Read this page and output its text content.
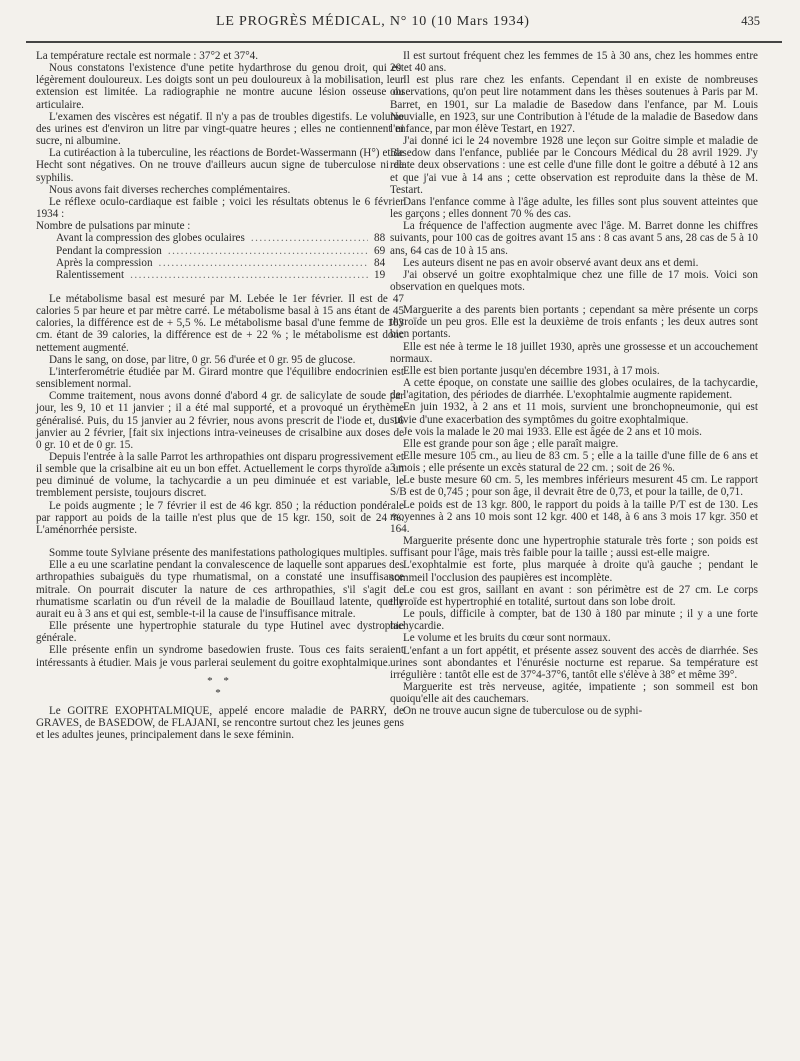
LE PROGRÈS MÉDICAL, N° 10 (10 Mars 1934)	435

La température rectale est normale : 37°2 et 37°4.

Nous constatons l'existence d'une petite hydarthrose du genou droit, qui est légèrement douloureux. Les doigts sont un peu douloureux à la mobilisation, leur extension est limitée. La radiographie ne montre aucune lésion osseuse ou articulaire.

L'examen des viscères est négatif. Il n'y a pas de troubles digestifs. Le volume des urines est d'environ un litre par vingt-quatre heures ; elles ne contiennent ni sucre, ni albumine.

La cutiréaction à la tuberculine, les réactions de Bordet-Wassermann (H°) et de Hecht sont négatives. On ne trouve d'ailleurs aucun signe de tuberculose ni de syphilis.

Nous avons fait diverses recherches complémentaires.

Le réflexe oculo-cardiaque est faible ; voici les résultats obtenus le 6 février 1934 :

Nombre de pulsations par minute :

Avant la compression des globes oculaires .....	88
Pendant la compression .....	69
Après la compression .....	84
Ralentissement .....	19

Le métabolisme basal est mesuré par M. Lebée le 1er février. Il est de 47 calories 5 par heure et par mètre carré. Le métabolisme basal à 15 ans étant de 45 calories, la différence est de + 5,5 %. Le métabolisme basal d'une femme de 163 cm. étant de 39 calories, la différence est de + 22 % ; le métabolisme est donc nettement augmenté.

Dans le sang, on dose, par litre, 0 gr. 56 d'urée et 0 gr. 95 de glucose.

L'interferométrie étudiée par M. Girard montre que l'équilibre endocrinien est sensiblement normal.

Comme traitement, nous avons donné d'abord 4 gr. de salicylate de soude par jour, les 9, 10 et 11 janvier ; il a été mal supporté, et a provoqué un érythème généralisé. Puis, du 15 janvier au 2 février, nous avons prescrit de l'iode et, du 16 janvier au 2 février, [fait six injections intra-veineuses de crisalbine aux doses de 0 gr. 10 et de 0 gr. 15.

Depuis l'entrée à la salle Parrot les arthropathies ont disparu progressivement et il semble que la crisalbine ait eu un bon effet. Actuellement le corps thyroïde a un peu diminué de volume, la tachycardie a un peu diminuée et est variable, le tremblement persiste, toujours discret.

Le poids augmente ; le 7 février il est de 46 kgr. 850 ; la réduction pondérale par rapport au poids de la taille n'est plus que de 15 kgr. 150, soit de 24 %. L'aménorrhée persiste.

Somme toute Sylviane présente des manifestations pathologiques multiples.

Elle a eu une scarlatine pendant la convalescence de laquelle sont apparues des arthropathies subaiguës du type rhumatismal, on a constaté une insuffisance mitrale. On pourrait discuter la nature de ces arthropathies, s'il s'agit de rhumatisme scarlatin ou d'un réveil de la maladie de Bouillaud latente, quelle aurait eu à 3 ans et qui est, semble-t-il la cause de l'insuffisance mitrale.

Elle présente une hypertrophie staturale du type Hutinel avec dystrophie générale.

Elle présente enfin un syndrome basedowien fruste. Tous ces faits seraient intéressants à étudier. Mais je vous parlerai seulement du goitre exophtalmique.

* *
*

Le GOITRE EXOPHTALMIQUE, appelé encore maladie de PARRY, de GRAVES, de BASEDOW, de FLAJANI, se rencontre surtout chez les jeunes gens et les adultes jeunes, principalement dans le sexe féminin.

Il est surtout fréquent chez les femmes de 15 à 30 ans, chez les hommes entre 20 et 40 ans.

Il est plus rare chez les enfants. Cependant il en existe de nombreuses observations, qu'on peut lire notamment dans les thèses soutenues à Paris par M. Barret, en 1901, sur La maladie de Basedow dans l'enfance, par M. Louis Nouvialle, en 1923, sur une Contribution à l'étude de la maladie de Basedow dans l'enfance, par mon élève Testart, en 1927.

J'ai donné ici le 24 novembre 1928 une leçon sur Goitre simple et maladie de Basedow dans l'enfance, publiée par le Concours Médical du 28 avril 1929. J'y relate deux observations : une est celle d'une fille dont le goitre a débuté à 12 ans et que j'ai vue à 14 ans ; cette observation est reproduite dans la thèse de M. Testart.

Dans l'enfance comme à l'âge adulte, les filles sont plus souvent atteintes que les garçons ; elles donnent 70 % des cas.

La fréquence de l'affection augmente avec l'âge. M. Barret donne les chiffres suivants, pour 100 cas de goitres avant 15 ans : 8 cas avant 5 ans, 28 cas de 5 à 10 ans, 64 cas de 10 à 15 ans.

Les auteurs disent ne pas en avoir observé avant deux ans et demi.

J'ai observé un goitre exophtalmique chez une fille de 17 mois. Voici son observation en quelques mots.

Marguerite a des parents bien portants ; cependant sa mère présente un corps thyroïde un peu gros. Elle est la deuxième de trois enfants ; les deux autres sont bien portants.

Elle est née à terme le 18 juillet 1930, après une grossesse et un accouchement normaux.

Elle est bien portante jusqu'en décembre 1931, à 17 mois.

A cette époque, on constate une saillie des globes oculaires, de la tachycardie, de l'agitation, des périodes de diarrhée. L'exophtalmie augmente rapidement.

En juin 1932, à 2 ans et 11 mois, survient une bronchopneumonie, qui est suivie d'une exacerbation des symptômes du goitre exophtalmique.

Je vois la malade le 20 mai 1933. Elle est âgée de 2 ans et 10 mois.

Elle est grande pour son âge ; elle paraît maigre.

Elle mesure 105 cm., au lieu de 83 cm. 5 ; elle a la taille d'une fille de 6 ans et 3 mois ; elle présente un excès statural de 22 cm. ; soit de 26 %.

Le buste mesure 60 cm. 5, les membres inférieurs mesurent 45 cm. Le rapport S/B est de 0,745 ; pour son âge, il devrait être de 0,73, et pour la taille, de 0,71.

Le poids est de 13 kgr. 800, le rapport du poids à la taille P/T est de 130. Les moyennes à 2 ans 10 mois sont 12 kgr. 400 et 148, à 6 ans 3 mois 17 kgr. 350 et 164.

Marguerite présente donc une hypertrophie staturale très forte ; son poids est suffisant pour l'âge, mais très faible pour la taille ; aussi est-elle maigre.

L'exophtalmie est forte, plus marquée à droite qu'à gauche ; pendant le sommeil l'occlusion des paupières est incomplète.

Le cou est gros, saillant en avant : son périmètre est de 27 cm. Le corps thyroïde est hypertrophié en totalité, surtout dans son lobe droit.

Le pouls, difficile à compter, bat de 130 à 180 par minute ; il y a une forte tachycardie.

Le volume et les bruits du cœur sont normaux.

L'enfant a un fort appétit, et présente assez souvent des accès de diarrhée. Ses urines sont abondantes et l'énurésie nocturne est reparue. Sa température est irrégulière : tantôt elle est de 37°4-37°6, tantôt elle s'élève à 38° et même 39°.

Marguerite est très nerveuse, agitée, impatiente ; son sommeil est bon quoiqu'elle ait des cauchemars.

On ne trouve aucun signe de tuberculose ou de syphi-
